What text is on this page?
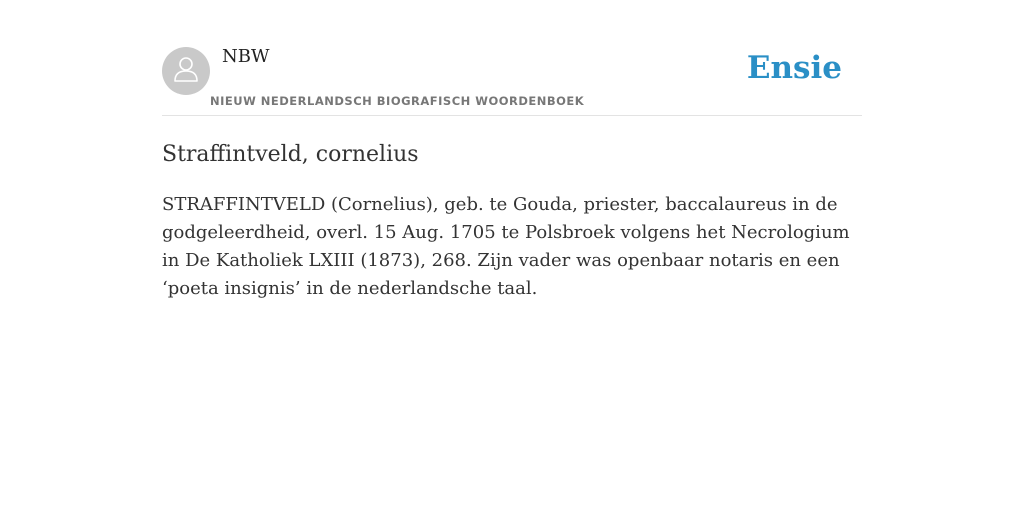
NBW
NIEUW NEDERLANDSCH BIOGRAFISCH WOORDENBOEK
Ensie
Straffintveld, cornelius

STRAFFINTVELD (Cornelius), geb. te Gouda, priester, baccalaureus in de godgeleerdheid, overl. 15 Aug. 1705 te Polsbroek volgens het Necrologium in De Katholiek LXIII (1873), 268. Zijn vader was openbaar notaris en een ‘poeta insignis’ in de nederlandsche taal.
